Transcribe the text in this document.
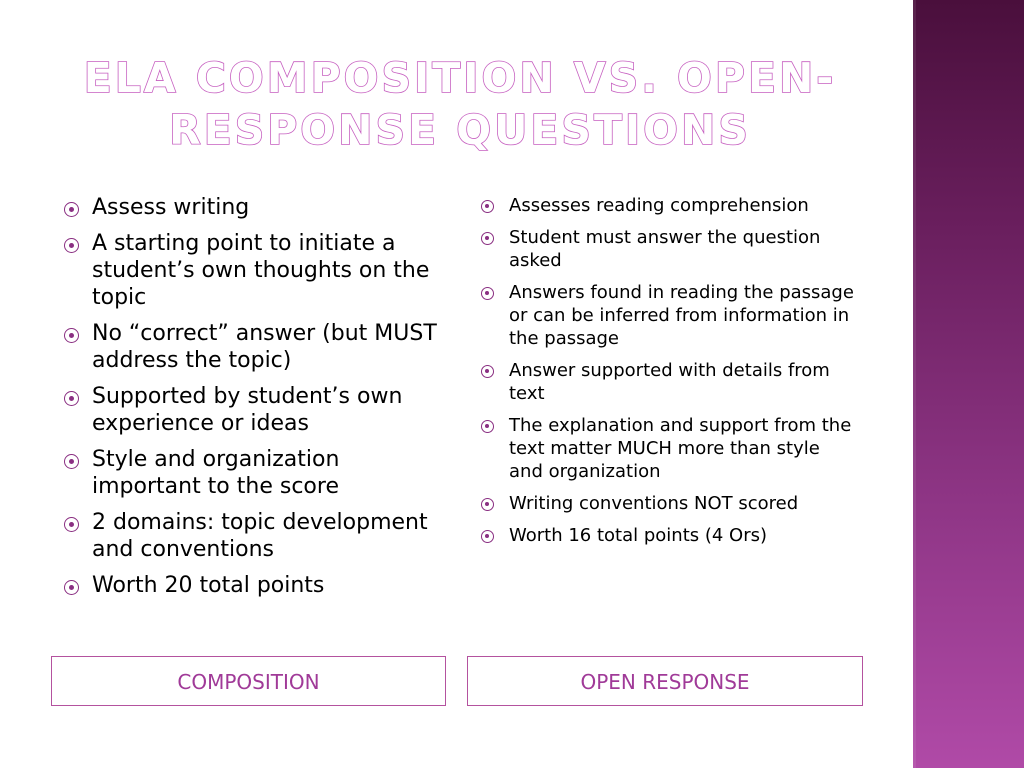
ELA COMPOSITION VS. OPEN-RESPONSE QUESTIONS
Assess writing
A starting point to initiate a student’s own thoughts on the topic
No “correct” answer (but MUST address the topic)
Supported by student’s own experience or ideas
Style and organization important to the score
2 domains: topic development and conventions
Worth 20 total points
Assesses reading comprehension
Student must answer the question asked
Answers found in reading the passage or can be inferred from information in the passage
Answer supported with details from text
The explanation and support from the text matter MUCH more than style and organization
Writing conventions NOT scored
Worth 16 total points (4 Ors)
COMPOSITION	OPEN RESPONSE
